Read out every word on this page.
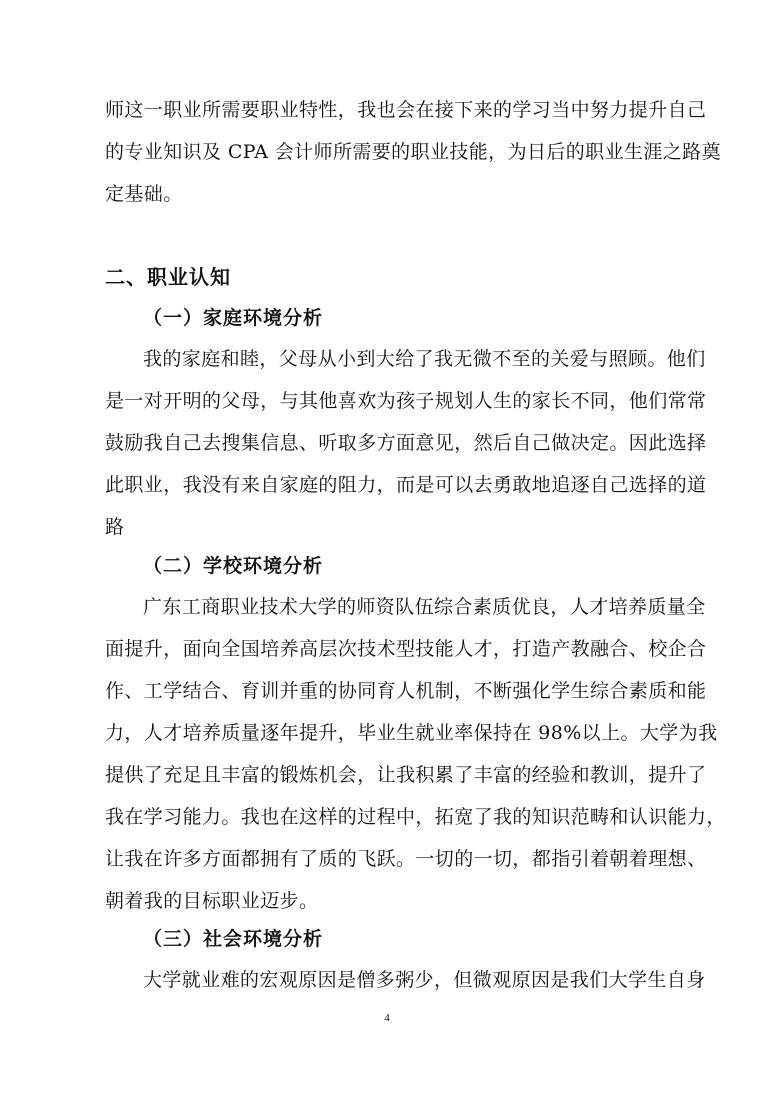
师这一职业所需要职业特性，我也会在接下来的学习当中努力提升自己
的专业知识及 CPA 会计师所需要的职业技能，为日后的职业生涯之路奠
定基础。
二、职业认知
（一）家庭环境分析
我的家庭和睦，父母从小到大给了我无微不至的关爱与照顾。他们
是一对开明的父母，与其他喜欢为孩子规划人生的家长不同，他们常常
鼓励我自己去搜集信息、听取多方面意见，然后自己做决定。因此选择
此职业，我没有来自家庭的阻力，而是可以去勇敢地追逐自己选择的道
路
（二）学校环境分析
广东工商职业技术大学的师资队伍综合素质优良，人才培养质量全
面提升，面向全国培养高层次技术型技能人才，打造产教融合、校企合
作、工学结合、育训并重的协同育人机制，不断强化学生综合素质和能
力，人才培养质量逐年提升，毕业生就业率保持在 98%以上。大学为我
提供了充足且丰富的锻炼机会，让我积累了丰富的经验和教训，提升了
我在学习能力。我也在这样的过程中，拓宽了我的知识范畴和认识能力，
让我在许多方面都拥有了质的飞跃。一切的一切，都指引着朝着理想、
朝着我的目标职业迈步。
（三）社会环境分析
大学就业难的宏观原因是僧多粥少，但微观原因是我们大学生自身
4
